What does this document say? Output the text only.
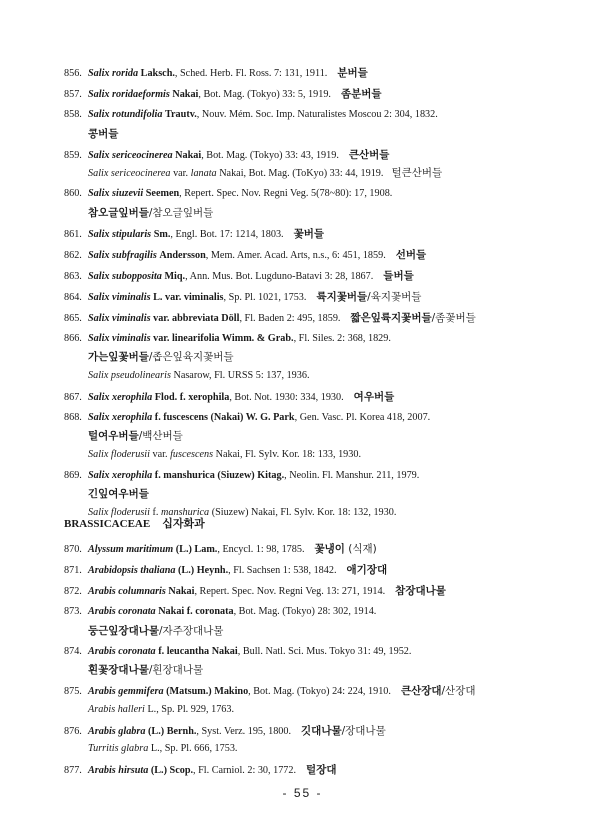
856. Salix rorida Laksch., Sched. Herb. Fl. Ross. 7: 131, 1911. 분버들
857. Salix roridaeformis Nakai, Bot. Mag. (Tokyo) 33: 5, 1919. 좀분버들
858. Salix rotundifolia Trautv., Nouv. Mém. Soc. Imp. Naturalistes Moscou 2: 304, 1832.
콩버들
859. Salix sericeocinerea Nakai, Bot. Mag. (Tokyo) 33: 43, 1919. 큰산버들
Salix sericeocinerea var. lanata Nakai, Bot. Mag. (ToKyo) 33: 44, 1919. 털큰산버들
860. Salix siuzevii Seemen, Repert. Spec. Nov. Regni Veg. 5(78~80): 17, 1908.
참오글잎버들/참오글잎버들
861. Salix stipularis Sm., Engl. Bot. 17: 1214, 1803. 꽃버들
862. Salix subfragilis Andersson, Mem. Amer. Acad. Arts, n.s., 6: 451, 1859. 선버들
863. Salix subopposita Miq., Ann. Mus. Bot. Lugduno-Batavi 3: 28, 1867. 들버들
864. Salix viminalis L. var. viminalis, Sp. Pl. 1021, 1753. 륙지꽃버들/육지꽃버들
865. Salix viminalis var. abbreviata Döll, Fl. Baden 2: 495, 1859. 짧은잎륙지꽃버들/좀꽃버들
866. Salix viminalis var. linearifolia Wimm. & Grab., Fl. Siles. 2: 368, 1829.
가는잎꽃버들/좁은잎육지꽃버들
Salix pseudolinearis Nasarow, Fl. URSS 5: 137, 1936.
867. Salix xerophila Flod. f. xerophila, Bot. Not. 1930: 334, 1930. 여우버들
868. Salix xerophila f. fuscescens (Nakai) W. G. Park, Gen. Vasc. Pl. Korea 418, 2007.
털여우버들/백산버들
Salix floderusii var. fuscescens Nakai, Fl. Sylv. Kor. 18: 133, 1930.
869. Salix xerophila f. manshurica (Siuzew) Kitag., Neolin. Fl. Manshur. 211, 1979.
긴잎여우버들
Salix floderusii f. manshurica (Siuzew) Nakai, Fl. Sylv. Kor. 18: 132, 1930.
BRASSICACEAE 십자화과
870. Alyssum maritimum (L.) Lam., Encycl. 1: 98, 1785. 꽃냉이 (식재)
871. Arabidopsis thaliana (L.) Heynh., Fl. Sachsen 1: 538, 1842. 애기장대
872. Arabis columnaris Nakai, Repert. Spec. Nov. Regni Veg. 13: 271, 1914. 참장대나물
873. Arabis coronata Nakai f. coronata, Bot. Mag. (Tokyo) 28: 302, 1914.
둥근잎장대나물/자주장대나물
874. Arabis coronata f. leucantha Nakai, Bull. Natl. Sci. Mus. Tokyo 31: 49, 1952.
흰꽃장대나물/흰장대나물
875. Arabis gemmifera (Matsum.) Makino, Bot. Mag. (Tokyo) 24: 224, 1910. 큰산장대/산장대
Arabis halleri L., Sp. Pl. 929, 1763.
876. Arabis glabra (L.) Bernh., Syst. Verz. 195, 1800. 깃대나물/장대나물
Turritis glabra L., Sp. Pl. 666, 1753.
877. Arabis hirsuta (L.) Scop., Fl. Carniol. 2: 30, 1772. 털장대
- 55 -
